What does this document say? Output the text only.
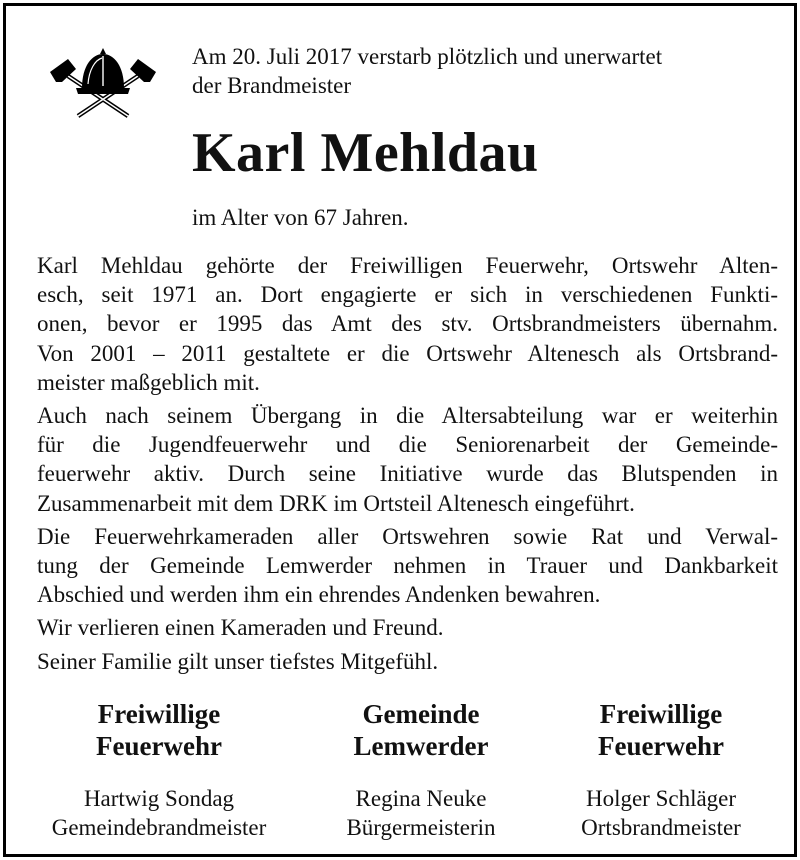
Am 20. Juli 2017 verstarb plötzlich und unerwartet
der Brandmeister

Karl Mehldau

im Alter von 67 Jahren.

Karl Mehldau gehörte der Freiwilligen Feuerwehr, Ortswehr Alten-
esch, seit 1971 an. Dort engagierte er sich in verschiedenen Funkti-
onen, bevor er 1995 das Amt des stv. Ortsbrandmeisters übernahm.
Von 2001 – 2011 gestaltete er die Ortswehr Altenesch als Ortsbrand-
meister maßgeblich mit.

Auch nach seinem Übergang in die Altersabteilung war er weiterhin
für die Jugendfeuerwehr und die Seniorenarbeit der Gemeinde-
feuerwehr aktiv. Durch seine Initiative wurde das Blutspenden in
Zusammenarbeit mit dem DRK im Ortsteil Altenesch eingeführt.

Die Feuerwehrkameraden aller Ortswehren sowie Rat und Verwal-
tung der Gemeinde Lemwerder nehmen in Trauer und Dankbarkeit
Abschied und werden ihm ein ehrendes Andenken bewahren.

Wir verlieren einen Kameraden und Freund.

Seiner Familie gilt unser tiefstes Mitgefühl.

Freiwillige
Feuerwehr
Hartwig Sondag
Gemeindebrandmeister
Gemeinde
Lemwerder
Regina Neuke
Bürgermeisterin
Freiwillige
Feuerwehr
Holger Schläger
Ortsbrandmeister
